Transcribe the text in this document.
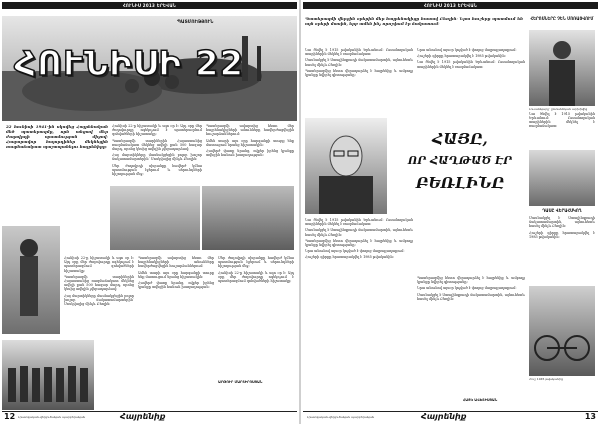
ՀՈՒՆԻՍ 2013 ԵՐԵՎԱՆ
ՊԱՏՄՈՒԹՅՈՒՆ
ՀՈՒՆԻՍԻ 22
22 հունիսի 1941-ին սկսվեց Հայրենական մեծ պատերազմը, որն անցավ մեր ժողովրդի պատմության միջով։ Հազարավոր հայորդիներ մեկնեցին ռազմաճակատ պաշտպանելու հայրենիքը։

Հունիսի 22-ը հիշատակի և սգո օր է։ Այդ օրը մեր ժողովուրդը ոգեկոչում է պատերազմում զոհվածների հիշատակը։

Պատերազմի տարիներին Հայաստանից ռազմաճակատ մեկնեց ավելի քան 500 հազար մարդ, որոնց կեսից ավելին չվերադարձավ։

Հայ մարտիկները մասնակցեցին բոլոր խոշոր ճակատամարտերին՝ Մոսկվայից մինչև Բեռլին։

Մեր ժողովրդի սխրանքը հավերժ կմնա պատմության էջերում և սերունդների հիշողության մեջ։

Պատերազմի ավարտից հետո մեր հայրենակիցների անունները հավերժացվեցին հուշարձաններում։

Ամեն տարի այս օրը հարգանքի տուրք ենք մատուցում նրանց հիշատակին։

Հավերժ փառք նրանց, ովքեր իրենց կյանքը տվեցին հանուն խաղաղության։

Հունիսի 22-ը հիշատակի և սգո օր է։ Այդ օրը մեր ժողովուրդը ոգեկոչում է պատերազմում զոհվածների հիշատակը։

Պատերազմի տարիներին Հայաստանից ռազմաճակատ մեկնեց ավելի քան 500 հազար մարդ, որոնց կեսից ավելին չվերադարձավ։

Հայ մարտիկները մասնակցեցին բոլոր խոշոր ճակատամարտերին՝ Մոսկվայից մինչև Բեռլին։

Պատերազմի ավարտից հետո մեր հայրենակիցների անունները հավերժացվեցին հուշարձաններում։

Ամեն տարի այս օրը հարգանքի տուրք ենք մատուցում նրանց հիշատակին։

Հավերժ փառք նրանց, ովքեր իրենց կյանքը տվեցին հանուն խաղաղության։

Մեր ժողովրդի սխրանքը հավերժ կմնա պատմության էջերում և սերունդների հիշողության մեջ։

Հունիսի 22-ը հիշատակի և սգո օր է։ Այդ օրը մեր ժողովուրդը ոգեկոչում է պատերազմում զոհվածների հիշատակը։

ԱՐԹՈՒՐ ՄԱՐՏԻՐՈՍՅԱՆ
12 Լրատվական-վերլուծական պարբերական	Հայրենիք
ՀՈՒՆԻՍ 2013 ԵՐԵՎԱՆ
Պատերազմի վերջին օրերին մեր հայրենակիցը հասավ Բեռլին։ Նրա հուշերը պատմում են այն օրերի մասին, երբ ամեն ինչ որոշվում էր ճակատում։

Նա ծնվել է 1915 թվականին Երևանում։ Ուսանողական տարիներին մեկնել է ռազմաճակատ։

Մասնակցել է Ստալինգրադի ճակատամարտին, այնուհետև հասել մինչև Բեռլին։

Պատերազմից հետո վերադարձել է հայրենիք և ամբողջ կյանքը նվիրել գիտությանը։

Նրա անունով այսօր կոչված է փողոց մայրաքաղաքում։

Հուշերի գիրքը հրատարակվել է 1985 թվականին։

Նա ծնվել է 1915 թվականին Երևանում։ Ուսանողական տարիներին մեկնել է ռազմաճակատ։

ՀԱՅԸ,
ՈՐ ՀԱՂԹԱԾ ԷՐ
ԲԵՌԼԻՆԸ

Նա ծնվել է 1915 թվականին Երևանում։ Ուսանողական տարիներին մեկնել է ռազմաճակատ։

Մասնակցել է Ստալինգրադի ճակատամարտին, այնուհետև հասել մինչև Բեռլին։

Պատերազմից հետո վերադարձել է հայրենիք և ամբողջ կյանքը նվիրել գիտությանը։

Նրա անունով այսօր կոչված է փողոց մայրաքաղաքում։

Հուշերի գիրքը հրատարակվել է 1985 թվականին։

Պատերազմից հետո վերադարձել է հայրենիք և ամբողջ կյանքը նվիրել գիտությանը։

Նրա անունով այսօր կոչված է փողոց մայրաքաղաքում։

Մասնակցել է Ստալինգրադի ճակատամարտին, այնուհետև հասել մինչև Բեռլին։

ՀԵՐՈՍՆԵՐԸ ՉԵՆ ՄՈՌԱՑՎՈՒՄ
Լուսանկարը՝ ընտանեկան արխիվից

Նա ծնվել է 1915 թվականին Երևանում։ Ուսանողական տարիներին մեկնել է ռազմաճակատ։

ԴԱՍԸ ՎԵՐԱՀՍԿՈՂ

Մասնակցել է Ստալինգրադի ճակատամարտին, այնուհետև հասել մինչև Բեռլին։

Հուշերի գիրքը հրատարակվել է 1985 թվականին։

Հուշ 1945 թվականից
ՀԱՅԿ ԱՎԵՏԻՍՅԱՆ
Լրատվական-վերլուծական պարբերական	Հայրենիք	13
